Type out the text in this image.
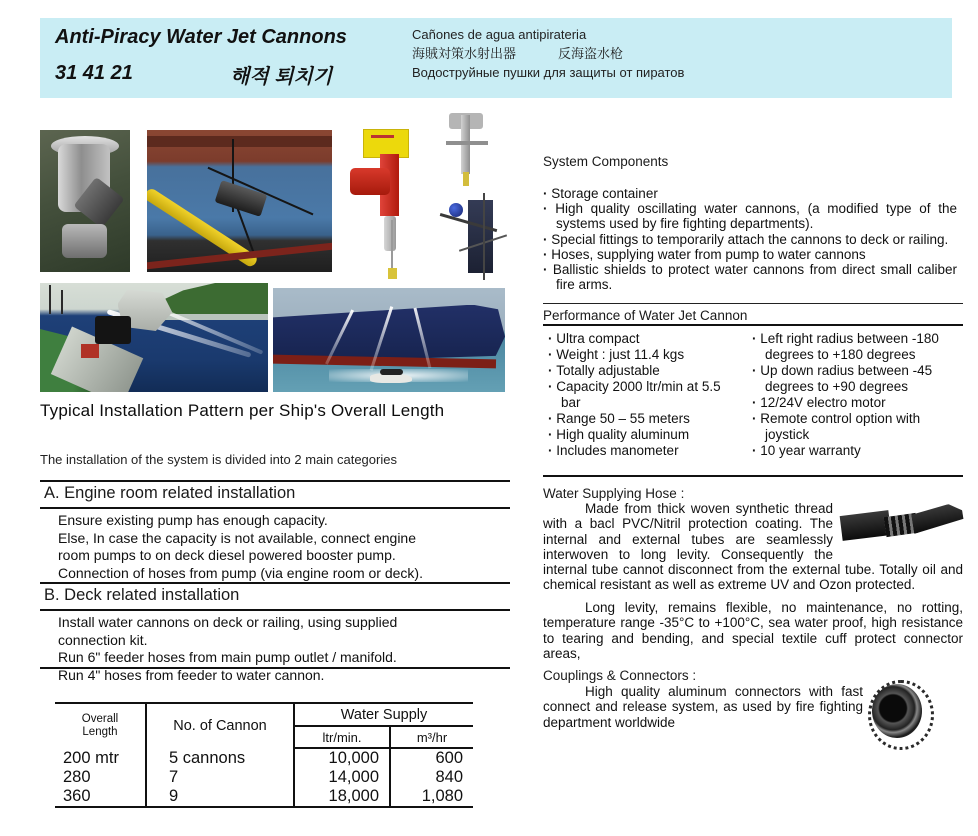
Anti-Piracy Water Jet Cannons
31 41 21	해적 퇴치기
Cañones de agua antipirateria
海賊対策水射出器	反海盗水枪
Водоструйные пушки для защиты от пиратов
Typical Installation Pattern per Ship's Overall Length
The installation of the system is divided into 2 main categories
A. Engine room related installation
Ensure existing pump has enough capacity.
Else, In case the capacity is not available, connect engine
room pumps to on deck diesel powered booster pump.
Connection of hoses from pump (via engine room or deck).
B. Deck related installation
Install water cannons on deck or railing, using supplied
connection kit.
Run 6" feeder hoses from main pump outlet / manifold.
Run 4" hoses from feeder to water cannon.
Overall
Length	No. of Cannon	Water Supply	
		ltr/min.	m³/hr
200 mtr	5 cannons	10,000	600
280	7	14,000	840
360	9	18,000	1,080
System Components
· Storage container
· High quality oscillating water cannons, (a modified type of the systems used by fire fighting departments).
· Special fittings to temporarily attach the cannons to deck or railing.
· Hoses, supplying water from pump to water cannons
· Ballistic shields to protect water cannons from direct small caliber fire arms.
Performance of Water Jet Cannon
· Ultra compact
· Weight : just 11.4 kgs
· Totally adjustable
· Capacity 2000 ltr/min at 5.5 bar
· Range 50 – 55 meters
· High quality aluminum
· Includes manometer
· Left right radius between -180 degrees to +180 degrees
· Up down radius between -45 degrees to +90 degrees
· 12/24V electro motor
· Remote control option with joystick
· 10 year warranty
Water Supplying Hose :
Made from thick woven synthetic thread with a bacl PVC/Nitril protection coating. The internal and external tubes are seamlessly interwoven to long levity. Consequently the internal tube cannot disconnect from the external tube. Totally oil and chemical resistant as well as extreme UV and Ozon protected.
Long levity, remains flexible, no maintenance, no rotting, temperature range -35°C to +100°C, sea water proof, high resistance to tearing and bending, and special textile cuff protect connector areas,
Couplings & Connectors :
High quality aluminum connectors with fast connect and release system, as used by fire fighting department worldwide
